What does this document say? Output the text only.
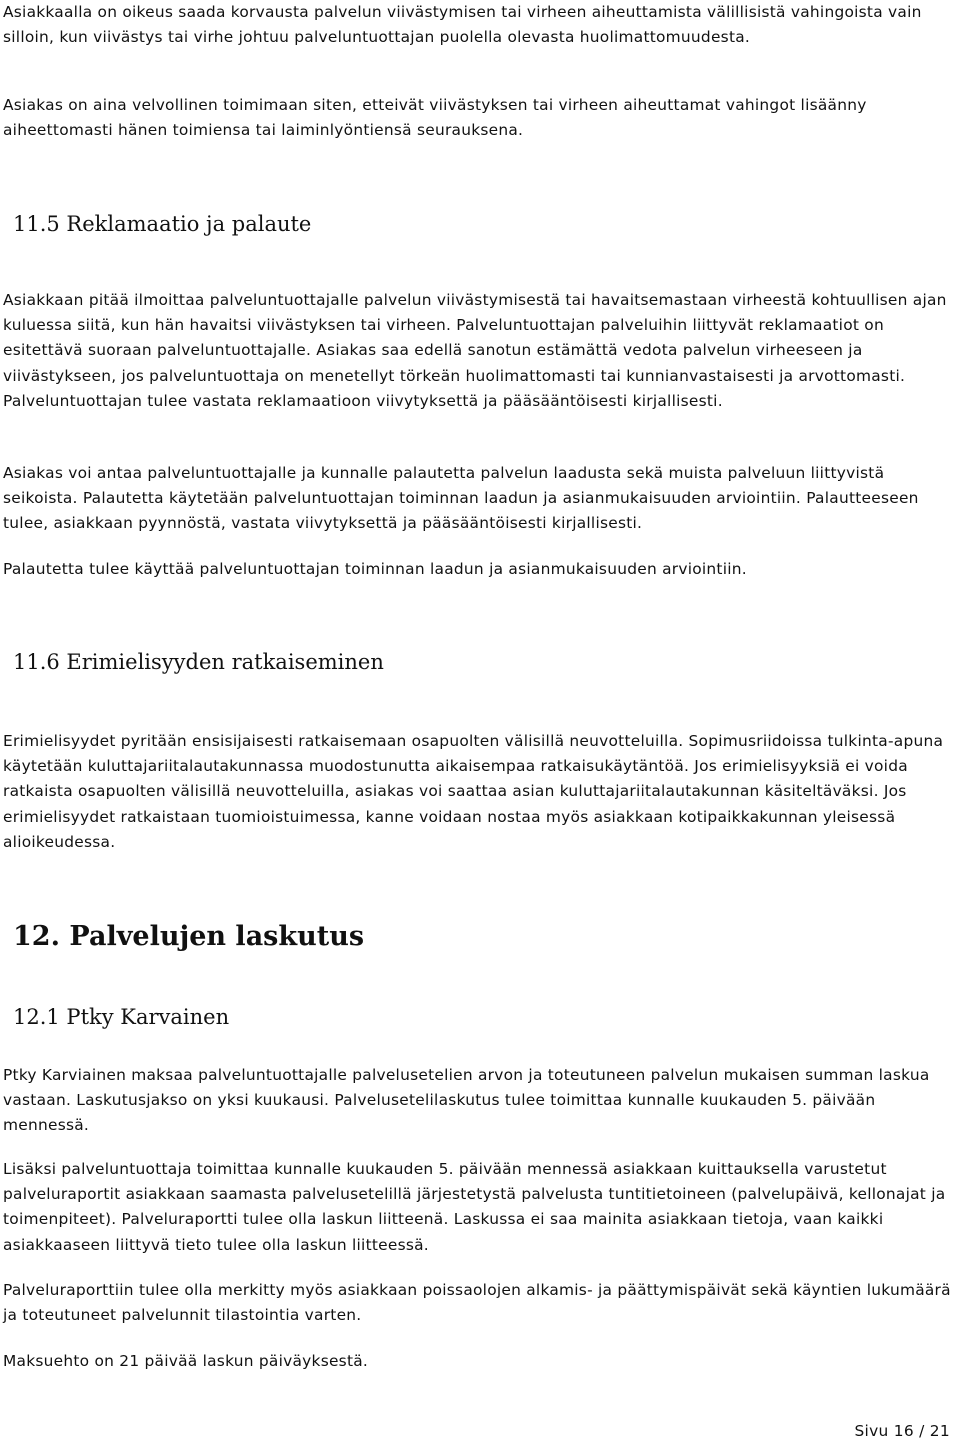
Asiakkaalla on oikeus saada korvausta palvelun viivästymisen tai virheen aiheuttamista välillisistä vahingoista vain silloin, kun viivästys tai virhe johtuu palveluntuottajan puolella olevasta huolimattomuudesta.

Asiakas on aina velvollinen toimimaan siten, etteivät viivästyksen tai virheen aiheuttamat vahingot lisäänny aiheettomasti hänen toimiensa tai laiminlyöntiensä seurauksena.

11.5 Reklamaatio ja palaute

Asiakkaan pitää ilmoittaa palveluntuottajalle palvelun viivästymisestä tai havaitsemastaan virheestä kohtuullisen ajan kuluessa siitä, kun hän havaitsi viivästyksen tai virheen. Palveluntuottajan palveluihin liittyvät reklamaatiot on esitettävä suoraan palveluntuottajalle. Asiakas saa edellä sanotun estämättä vedota palvelun virheeseen ja viivästykseen, jos palveluntuottaja on menetellyt törkeän huolimattomasti tai kunnianvastaisesti ja arvottomasti. Palveluntuottajan tulee vastata reklamaatioon viivytyksettä ja pääsääntöisesti kirjallisesti.

Asiakas voi antaa palveluntuottajalle ja kunnalle palautetta palvelun laadusta sekä muista palveluun liittyvistä seikoista. Palautetta käytetään palveluntuottajan toiminnan laadun ja asianmukaisuuden arviointiin. Palautteeseen tulee, asiakkaan pyynnöstä, vastata viivytyksettä ja pääsääntöisesti kirjallisesti.

Palautetta tulee käyttää palveluntuottajan toiminnan laadun ja asianmukaisuuden arviointiin.

11.6 Erimielisyyden ratkaiseminen

Erimielisyydet pyritään ensisijaisesti ratkaisemaan osapuolten välisillä neuvotteluilla. Sopimusriidoissa tulkinta-apuna käytetään kuluttajariitalautakunnassa muodostunutta aikaisempaa ratkaisukäytäntöä. Jos erimielisyyksiä ei voida ratkaista osapuolten välisillä neuvotteluilla, asiakas voi saattaa asian kuluttajariitalautakunnan käsiteltäväksi. Jos erimielisyydet ratkaistaan tuomioistuimessa, kanne voidaan nostaa myös asiakkaan kotipaikkakunnan yleisessä alioikeudessa.

12. Palvelujen laskutus
12.1 Ptky Karvainen

Ptky Karviainen maksaa palveluntuottajalle palvelusetelien arvon ja toteutuneen palvelun mukaisen summan laskua vastaan. Laskutusjakso on yksi kuukausi. Palvelusetelilaskutus tulee toimittaa kunnalle kuukauden 5. päivään mennessä.

Lisäksi palveluntuottaja toimittaa kunnalle kuukauden 5. päivään mennessä asiakkaan kuittauksella varustetut palveluraportit asiakkaan saamasta palvelusetelillä järjestetystä palvelusta tuntitietoineen (palvelupäivä, kellonajat ja toimenpiteet). Palveluraportti tulee olla laskun liitteenä. Laskussa ei saa mainita asiakkaan tietoja, vaan kaikki asiakkaaseen liittyvä tieto tulee olla laskun liitteessä.

Palveluraporttiin tulee olla merkitty myös asiakkaan poissaolojen alkamis- ja päättymispäivät sekä käyntien lukumäärä ja toteutuneet palvelunnit tilastointia varten.

Maksuehto on 21 päivää laskun päiväyksestä.

Sivu 16 / 21
